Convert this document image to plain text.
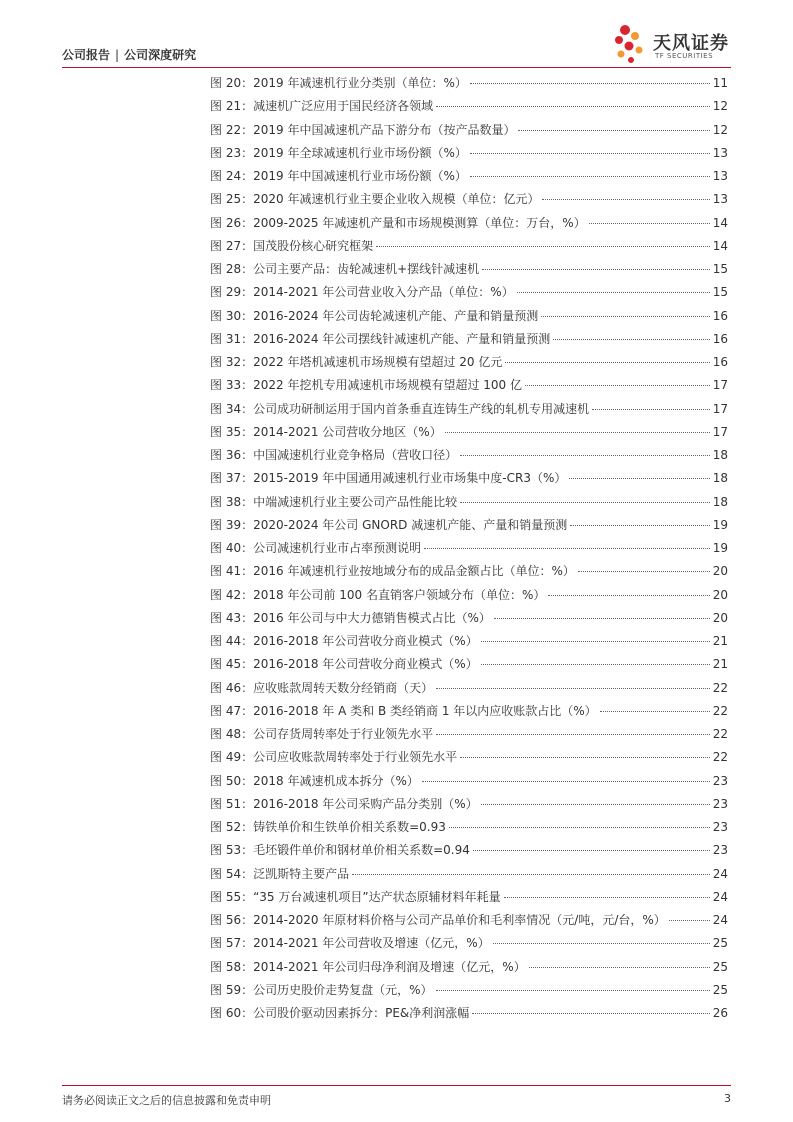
公司报告 | 公司深度研究
天风证券
TF SECURITIES
图 20：2019 年减速机行业分类别（单位：%）	11
图 21：减速机广泛应用于国民经济各领域	12
图 22：2019 年中国减速机产品下游分布（按产品数量）	12
图 23：2019 年全球减速机行业市场份额（%）	13
图 24：2019 年中国减速机行业市场份额（%）	13
图 25：2020 年减速机行业主要企业收入规模（单位：亿元）	13
图 26：2009-2025 年减速机产量和市场规模测算（单位：万台，%）	14
图 27：国茂股份核心研究框架	14
图 28：公司主要产品：齿轮减速机+摆线针减速机	15
图 29：2014-2021 年公司营业收入分产品（单位：%）	15
图 30：2016-2024 年公司齿轮减速机产能、产量和销量预测	16
图 31：2016-2024 年公司摆线针减速机产能、产量和销量预测	16
图 32：2022 年塔机减速机市场规模有望超过 20 亿元	16
图 33：2022 年挖机专用减速机市场规模有望超过 100 亿	17
图 34：公司成功研制运用于国内首条垂直连铸生产线的轧机专用减速机	17
图 35：2014-2021 公司营收分地区（%）	17
图 36：中国减速机行业竞争格局（营收口径）	18
图 37：2015-2019 年中国通用减速机行业市场集中度-CR3（%）	18
图 38：中端减速机行业主要公司产品性能比较	18
图 39：2020-2024 年公司 GNORD 减速机产能、产量和销量预测	19
图 40：公司减速机行业市占率预测说明	19
图 41：2016 年减速机行业按地域分布的成品金额占比（单位：%）	20
图 42：2018 年公司前 100 名直销客户领域分布（单位：%）	20
图 43：2016 年公司与中大力德销售模式占比（%）	20
图 44：2016-2018 年公司营收分商业模式（%）	21
图 45：2016-2018 年公司营收分商业模式（%）	21
图 46：应收账款周转天数分经销商（天）	22
图 47：2016-2018 年 A 类和 B 类经销商 1 年以内应收账款占比（%）	22
图 48：公司存货周转率处于行业领先水平	22
图 49：公司应收账款周转率处于行业领先水平	22
图 50：2018 年减速机成本拆分（%）	23
图 51：2016-2018 年公司采购产品分类别（%）	23
图 52：铸铁单价和生铁单价相关系数=0.93	23
图 53：毛坯锻件单价和钢材单价相关系数=0.94	23
图 54：泛凯斯特主要产品	24
图 55：“35 万台减速机项目”达产状态原辅材料年耗量	24
图 56：2014-2020 年原材料价格与公司产品单价和毛利率情况（元/吨，元/台，%）	24
图 57：2014-2021 年公司营收及增速（亿元，%）	25
图 58：2014-2021 年公司归母净利润及增速（亿元，%）	25
图 59：公司历史股价走势复盘（元，%）	25
图 60：公司股价驱动因素拆分：PE&净利润涨幅	26
请务必阅读正文之后的信息披露和免责申明	3
